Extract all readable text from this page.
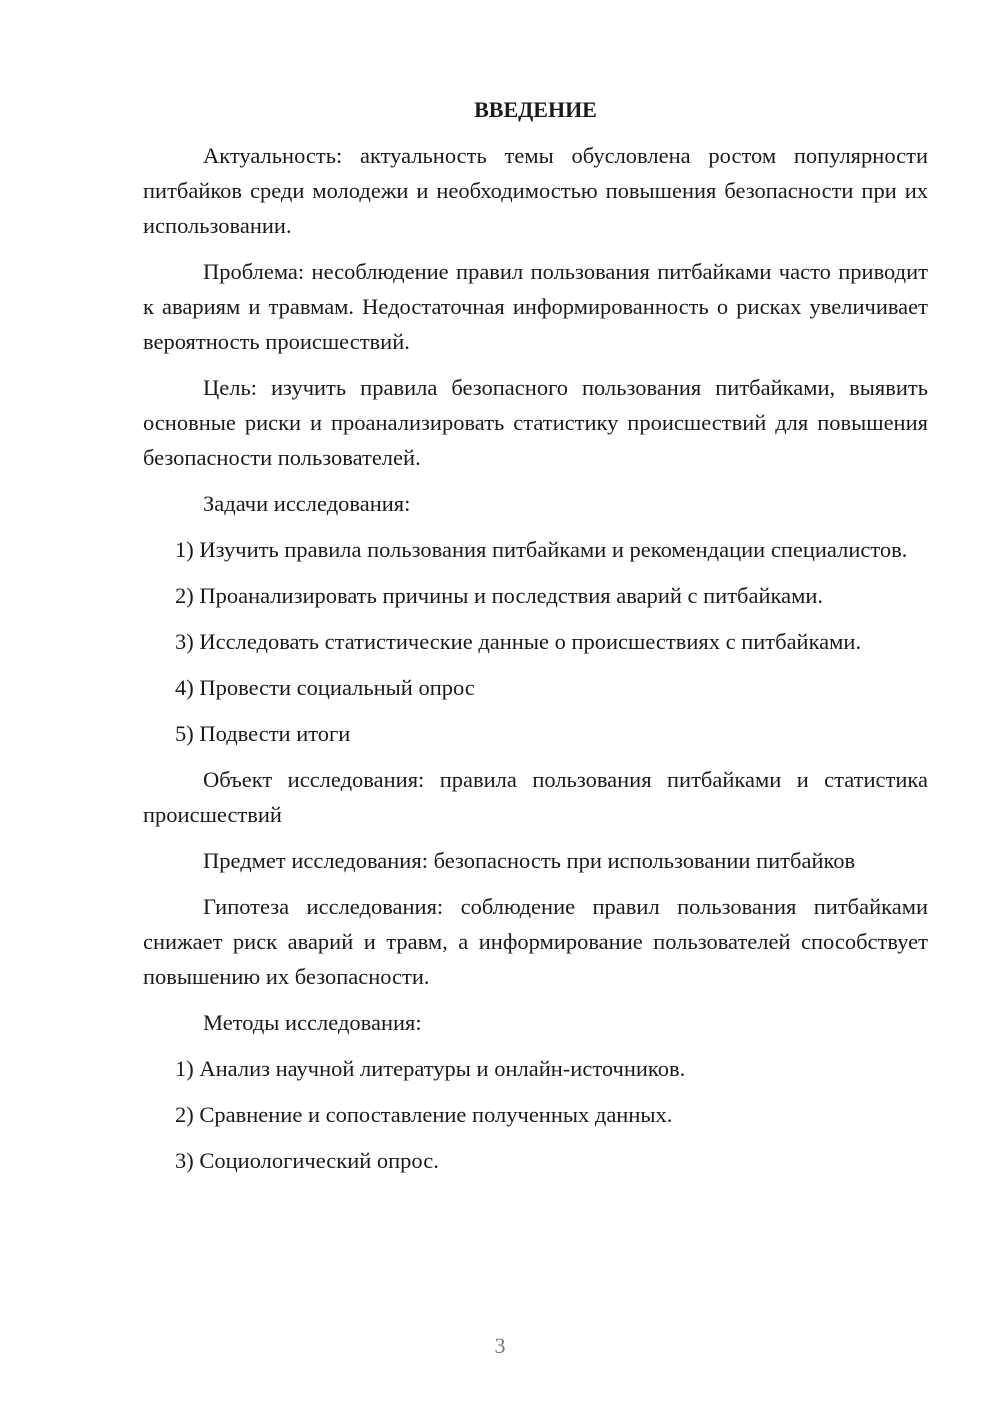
ВВЕДЕНИЕ

Актуальность: актуальность темы обусловлена ростом популярности питбайков среди молодежи и необходимостью повышения безопасности при их использовании.

Проблема: несоблюдение правил пользования питбайками часто приводит к авариям и травмам. Недостаточная информированность о рисках увеличивает вероятность происшествий.

Цель: изучить правила безопасного пользования питбайками, выявить основные риски и проанализировать статистику происшествий для повышения безопасности пользователей.

Задачи исследования:

1) Изучить правила пользования питбайками и рекомендации специалистов.

2) Проанализировать причины и последствия аварий с питбайками.

3) Исследовать статистические данные о происшествиях с питбайками.

4) Провести социальный опрос

5) Подвести итоги

Объект исследования: правила пользования питбайками и статистика происшествий

Предмет исследования: безопасность при использовании питбайков

Гипотеза исследования: соблюдение правил пользования питбайками снижает риск аварий и травм, а информирование пользователей способствует повышению их безопасности.

Методы исследования:

1) Анализ научной литературы и онлайн-источников.

2) Сравнение и сопоставление полученных данных.

3) Социологический опрос.

3
